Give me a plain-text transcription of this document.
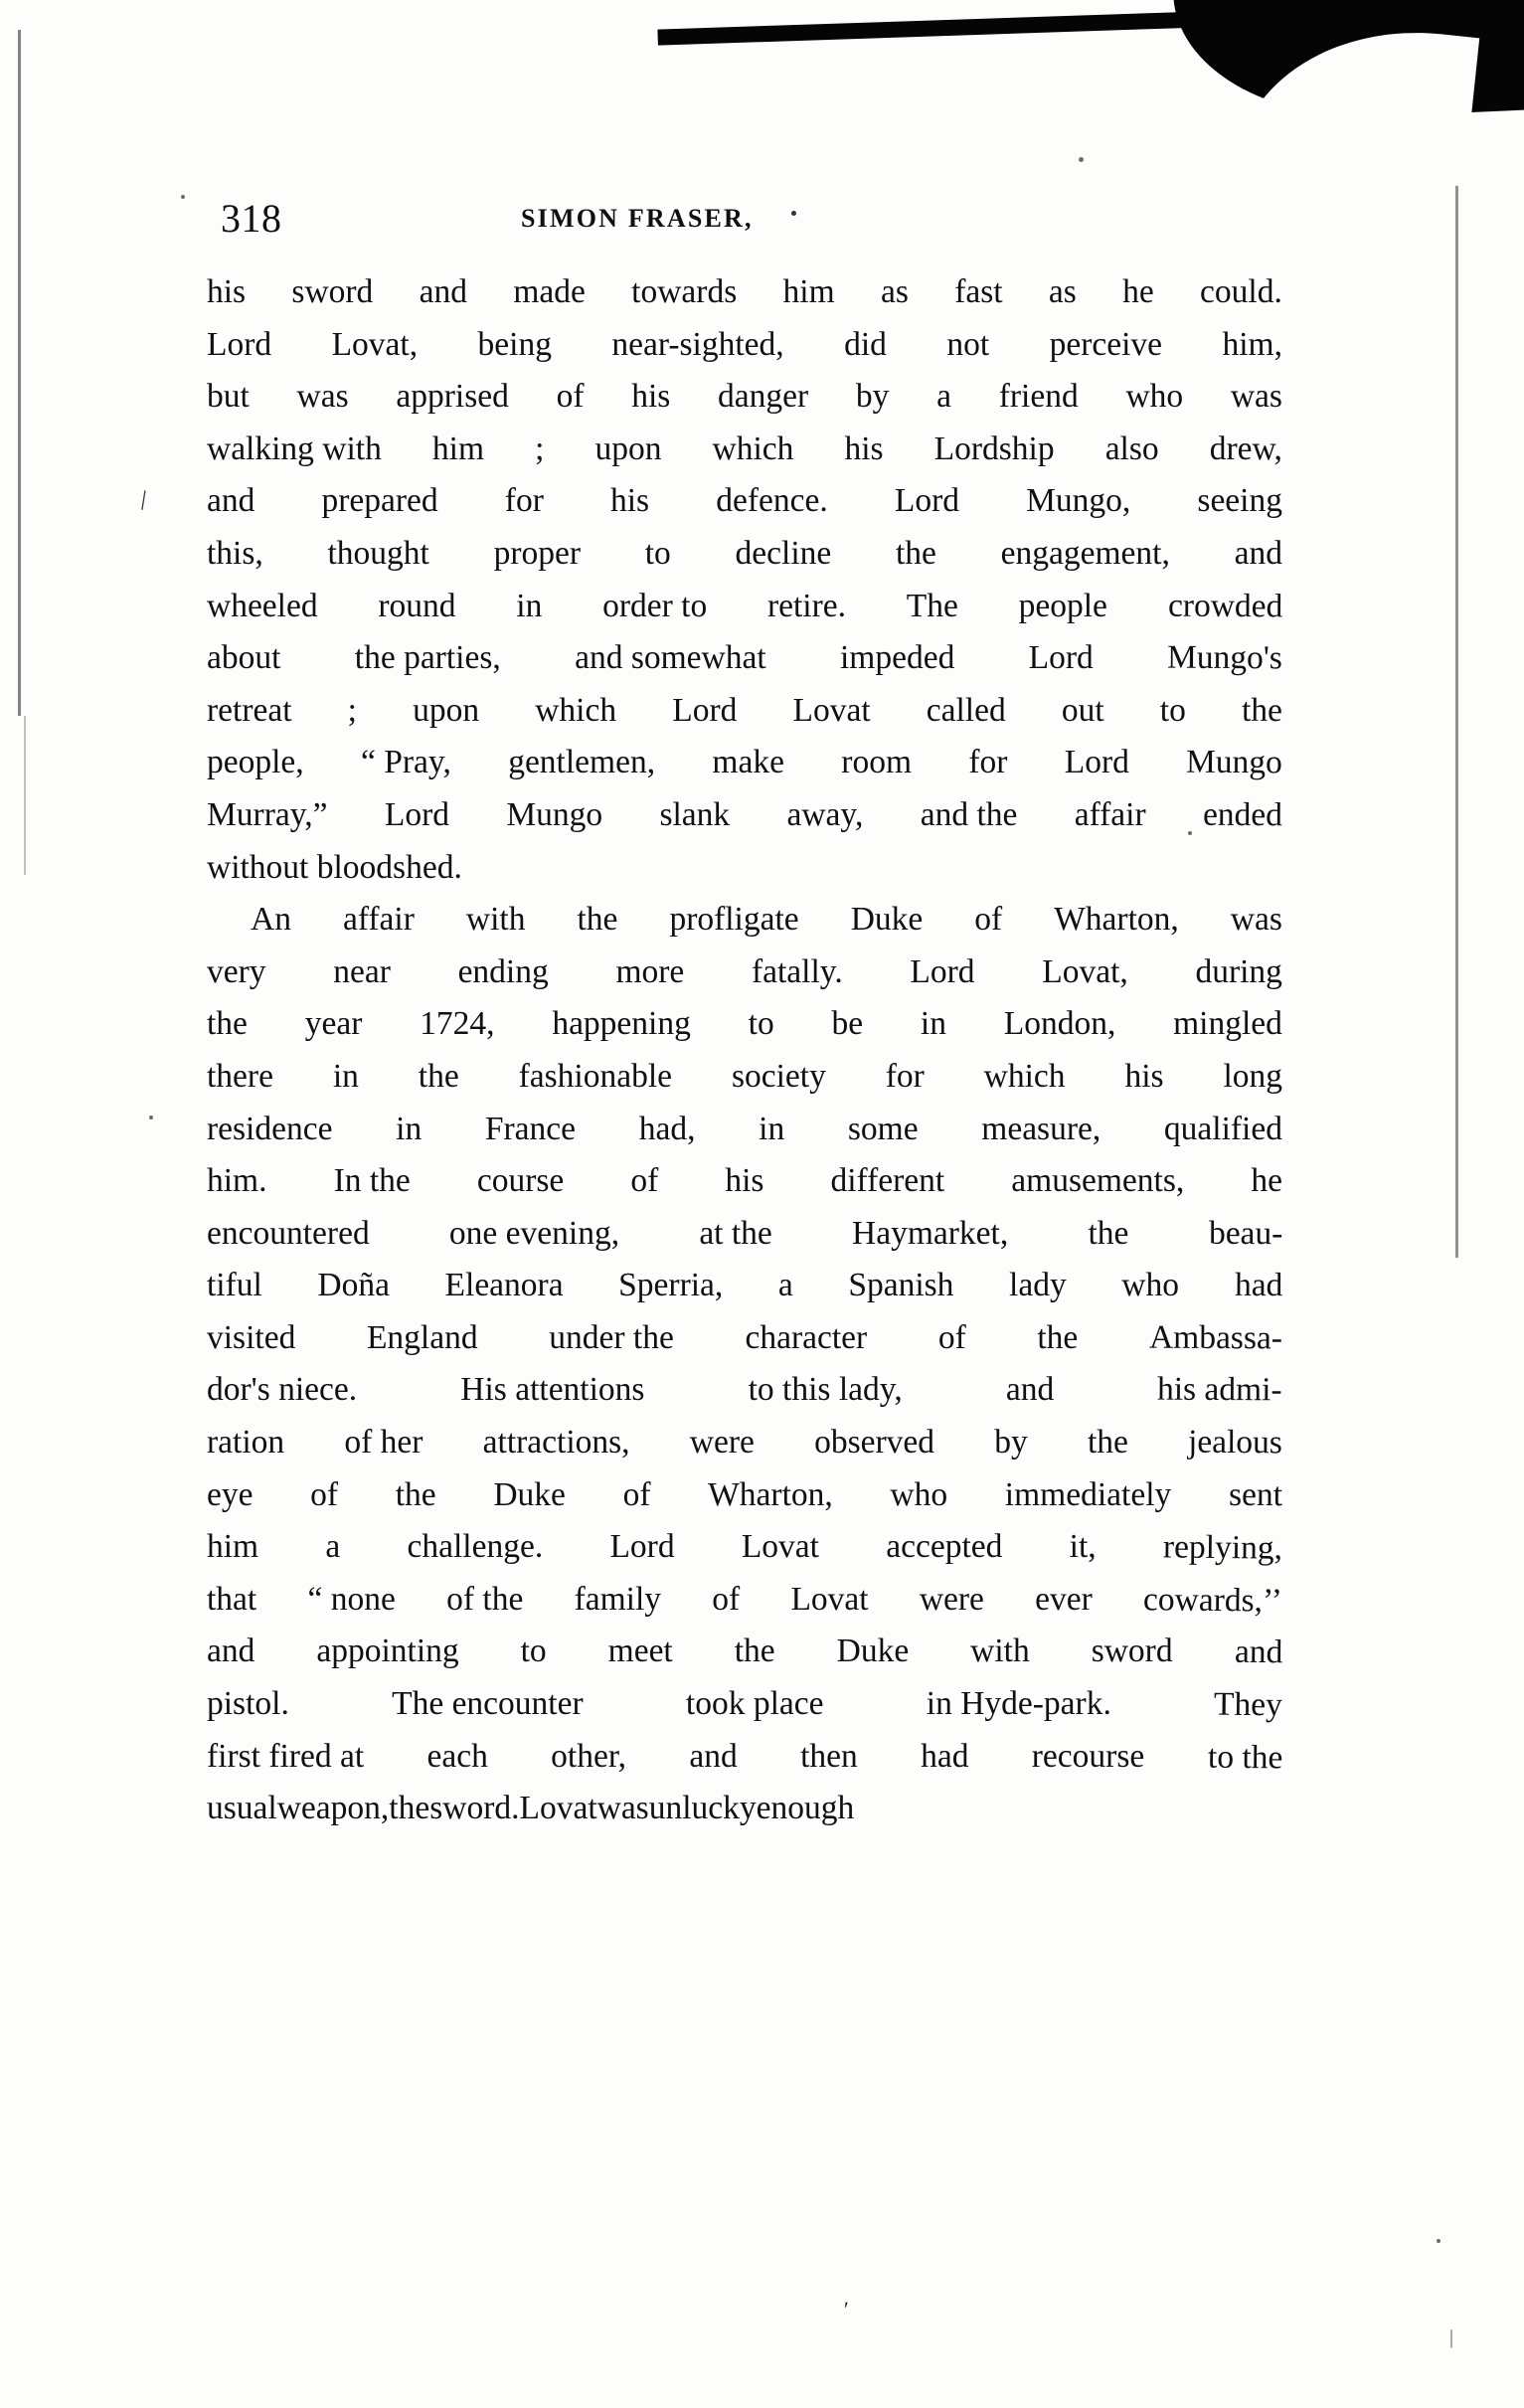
\
'
|
318	SIMON FRASER,
his sword and made towards him as fast as he could.
Lord Lovat, being near-sighted, did not perceive him,
but was apprised of his danger by a friend who was
walking with him ; upon which his Lordship also drew,
and prepared for his defence. Lord Mungo, seeing
this, thought proper to decline the engagement, and
wheeled round in order to retire. The people crowded
about the parties, and somewhat impeded Lord Mungo's
retreat ; upon which Lord Lovat called out to the
people, “ Pray, gentlemen, make room for Lord Mungo
Murray,” Lord Mungo slank away, and the affair ended
without bloodshed.
An affair with the profligate Duke of Wharton, was
very near ending more fatally. Lord Lovat, during
the year 1724, happening to be in London, mingled
there in the fashionable society for which his long
residence in France had, in some measure, qualified
him. In the course of his different amusements, he
encountered one evening, at the Haymarket, the beau-
tiful Doña Eleanora Sperria, a Spanish lady who had
visited England under the character of the Ambassa-
dor's niece.	His attentions	to this lady,	and	his admi-
ration of her attractions, were observed by the jealous
eye of the Duke of Wharton, who immediately sent
him a challenge. Lord Lovat accepted it, replying,
that “ none of the family of Lovat were ever cowards,’’
and appointing to meet the Duke with sword and
pistol.	The encounter	took place	in Hyde-park.	They
first fired at each other, and then had recourse to the
usualweapon,thesword.Lovatwasunluckyenough
